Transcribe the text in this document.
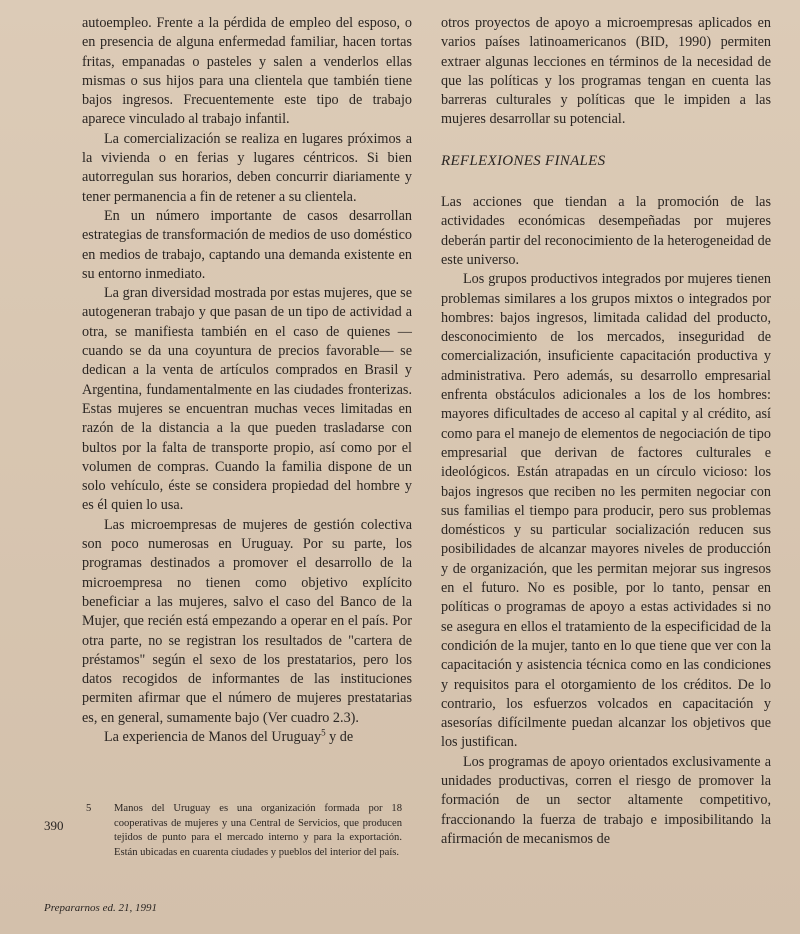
autoempleo. Frente a la pérdida de empleo del esposo, o en presencia de alguna enfermedad familiar, hacen tortas fritas, empanadas o pasteles y salen a venderlos ellas mismas o sus hijos para una clientela que también tiene bajos ingresos. Frecuentemente este tipo de trabajo aparece vinculado al trabajo infantil.

La comercialización se realiza en lugares próximos a la vivienda o en ferias y lugares céntricos. Si bien autorregulan sus horarios, deben concurrir diariamente y tener permanencia a fin de retener a su clientela.

En un número importante de casos desarrollan estrategias de transformación de medios de uso doméstico en medios de trabajo, captando una demanda existente en su entorno inmediato.

La gran diversidad mostrada por estas mujeres, que se autogeneran trabajo y que pasan de un tipo de actividad a otra, se manifiesta también en el caso de quienes —cuando se da una coyuntura de precios favorable— se dedican a la venta de artículos comprados en Brasil y Argentina, fundamentalmente en las ciudades fronterizas. Estas mujeres se encuentran muchas veces limitadas en razón de la distancia a la que pueden trasladarse con bultos por la falta de transporte propio, así como por el volumen de compras. Cuando la familia dispone de un solo vehículo, éste se considera propiedad del hombre y es él quien lo usa.

Las microempresas de mujeres de gestión colectiva son poco numerosas en Uruguay. Por su parte, los programas destinados a promover el desarrollo de la microempresa no tienen como objetivo explícito beneficiar a las mujeres, salvo el caso del Banco de la Mujer, que recién está empezando a operar en el país. Por otra parte, no se registran los resultados de "cartera de préstamos" según el sexo de los prestatarios, pero los datos recogidos de informantes de las instituciones permiten afirmar que el número de mujeres prestatarias es, en general, sumamente bajo (Ver cuadro 2.3).

La experiencia de Manos del Uruguay$^5$ y de

otros proyectos de apoyo a microempresas aplicados en varios países latinoamericanos (BID, 1990) permiten extraer algunas lecciones en términos de la necesidad de que las políticas y los programas tengan en cuenta las barreras culturales y políticas que le impiden a las mujeres desarrollar su potencial.

REFLEXIONES FINALES

Las acciones que tiendan a la promoción de las actividades económicas desempeñadas por mujeres deberán partir del reconocimiento de la heterogeneidad de este universo.

Los grupos productivos integrados por mujeres tienen problemas similares a los grupos mixtos o integrados por hombres: bajos ingresos, limitada calidad del producto, desconocimiento de los mercados, inseguridad de comercialización, insuficiente capacitación productiva y administrativa. Pero además, su desarrollo empresarial enfrenta obstáculos adicionales a los de los hombres: mayores dificultades de acceso al capital y al crédito, así como para el manejo de elementos de negociación de tipo empresarial que derivan de factores culturales e ideológicos. Están atrapadas en un círculo vicioso: los bajos ingresos que reciben no les permiten negociar con sus familias el tiempo para producir, pero sus problemas domésticos y su particular socialización reducen sus posibilidades de alcanzar mayores niveles de producción y de organización, que les permitan mejorar sus ingresos en el futuro. No es posible, por lo tanto, pensar en políticas o programas de apoyo a estas actividades si no se asegura en ellos el tratamiento de la especificidad de la condición de la mujer, tanto en lo que tiene que ver con la capacitación y asistencia técnica como en las condiciones y requisitos para el otorgamiento de los créditos. De lo contrario, los esfuerzos volcados en capacitación y asesorías difícilmente puedan alcanzar los objetivos que los justifican.

Los programas de apoyo orientados exclusivamente a unidades productivas, corren el riesgo de promover la formación de un sector altamente competitivo, fraccionando la fuerza de trabajo e imposibilitando la afirmación de mecanismos de

5 Manos del Uruguay es una organización formada por 18 cooperativas de mujeres y una Central de Servicios, que producen tejidos de punto para el mercado interno y para la exportación. Están ubicadas en cuarenta ciudades y pueblos del interior del país.
390
Prepararnos ed. 21, 1991
